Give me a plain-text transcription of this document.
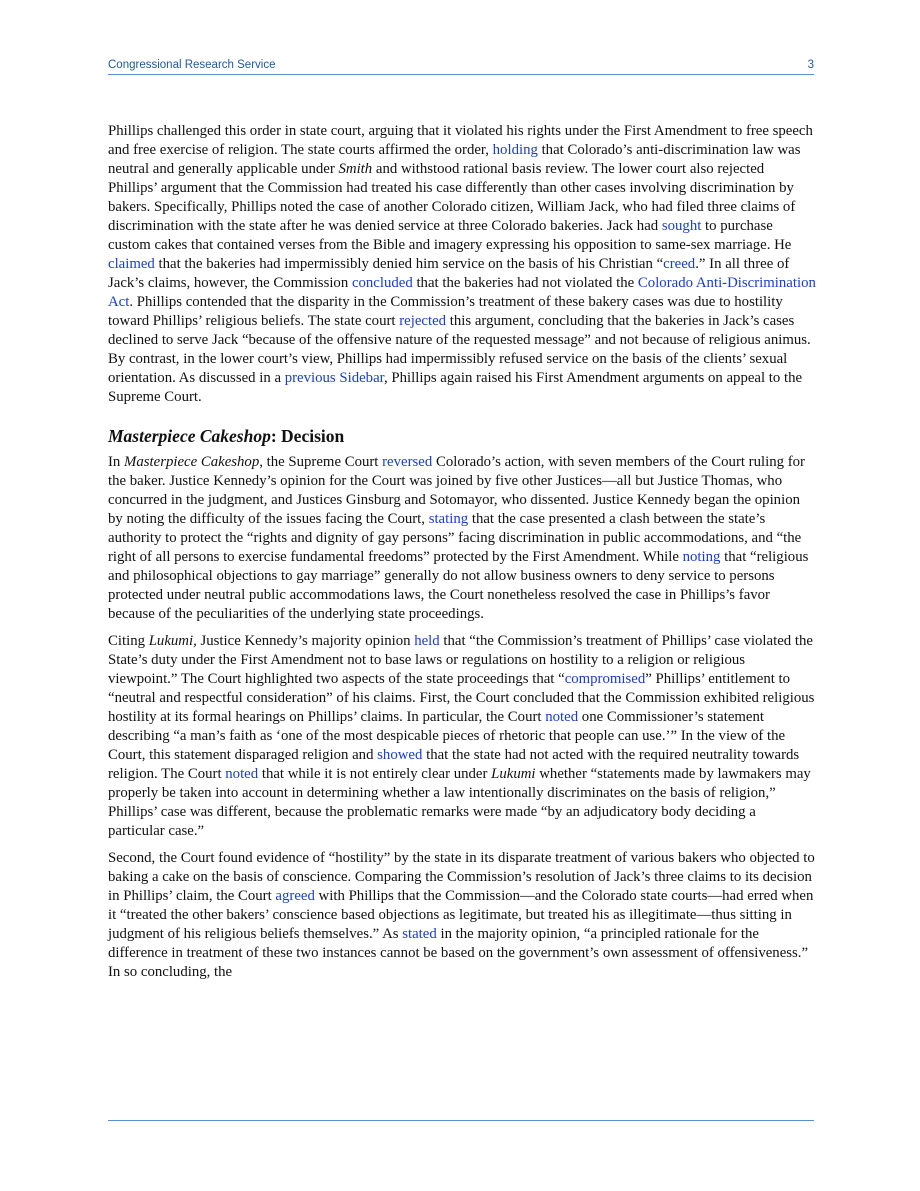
Congressional Research Service	3

Phillips challenged this order in state court, arguing that it violated his rights under the First Amendment to free speech and free exercise of religion. The state courts affirmed the order, holding that Colorado’s anti-discrimination law was neutral and generally applicable under Smith and withstood rational basis review. The lower court also rejected Phillips’ argument that the Commission had treated his case differently than other cases involving discrimination by bakers. Specifically, Phillips noted the case of another Colorado citizen, William Jack, who had filed three claims of discrimination with the state after he was denied service at three Colorado bakeries. Jack had sought to purchase custom cakes that contained verses from the Bible and imagery expressing his opposition to same-sex marriage. He claimed that the bakeries had impermissibly denied him service on the basis of his Christian “creed.” In all three of Jack’s claims, however, the Commission concluded that the bakeries had not violated the Colorado Anti-Discrimination Act. Phillips contended that the disparity in the Commission’s treatment of these bakery cases was due to hostility toward Phillips’ religious beliefs. The state court rejected this argument, concluding that the bakeries in Jack’s cases declined to serve Jack “because of the offensive nature of the requested message” and not because of religious animus. By contrast, in the lower court’s view, Phillips had impermissibly refused service on the basis of the clients’ sexual orientation. As discussed in a previous Sidebar, Phillips again raised his First Amendment arguments on appeal to the Supreme Court.

Masterpiece Cakeshop: Decision

In Masterpiece Cakeshop, the Supreme Court reversed Colorado’s action, with seven members of the Court ruling for the baker. Justice Kennedy’s opinion for the Court was joined by five other Justices—all but Justice Thomas, who concurred in the judgment, and Justices Ginsburg and Sotomayor, who dissented. Justice Kennedy began the opinion by noting the difficulty of the issues facing the Court, stating that the case presented a clash between the state’s authority to protect the “rights and dignity of gay persons” facing discrimination in public accommodations, and “the right of all persons to exercise fundamental freedoms” protected by the First Amendment. While noting that “religious and philosophical objections to gay marriage” generally do not allow business owners to deny service to persons protected under neutral public accommodations laws, the Court nonetheless resolved the case in Phillips’s favor because of the peculiarities of the underlying state proceedings.

Citing Lukumi, Justice Kennedy’s majority opinion held that “the Commission’s treatment of Phillips’ case violated the State’s duty under the First Amendment not to base laws or regulations on hostility to a religion or religious viewpoint.” The Court highlighted two aspects of the state proceedings that “compromised” Phillips’ entitlement to “neutral and respectful consideration” of his claims. First, the Court concluded that the Commission exhibited religious hostility at its formal hearings on Phillips’ claims. In particular, the Court noted one Commissioner’s statement describing “a man’s faith as ‘one of the most despicable pieces of rhetoric that people can use.’” In the view of the Court, this statement disparaged religion and showed that the state had not acted with the required neutrality towards religion. The Court noted that while it is not entirely clear under Lukumi whether “statements made by lawmakers may properly be taken into account in determining whether a law intentionally discriminates on the basis of religion,” Phillips’ case was different, because the problematic remarks were made “by an adjudicatory body deciding a particular case.”

Second, the Court found evidence of “hostility” by the state in its disparate treatment of various bakers who objected to baking a cake on the basis of conscience. Comparing the Commission’s resolution of Jack’s three claims to its decision in Phillips’ claim, the Court agreed with Phillips that the Commission—and the Colorado state courts—had erred when it “treated the other bakers’ conscience based objections as legitimate, but treated his as illegitimate—thus sitting in judgment of his religious beliefs themselves.” As stated in the majority opinion, “a principled rationale for the difference in treatment of these two instances cannot be based on the government’s own assessment of offensiveness.” In so concluding, the
